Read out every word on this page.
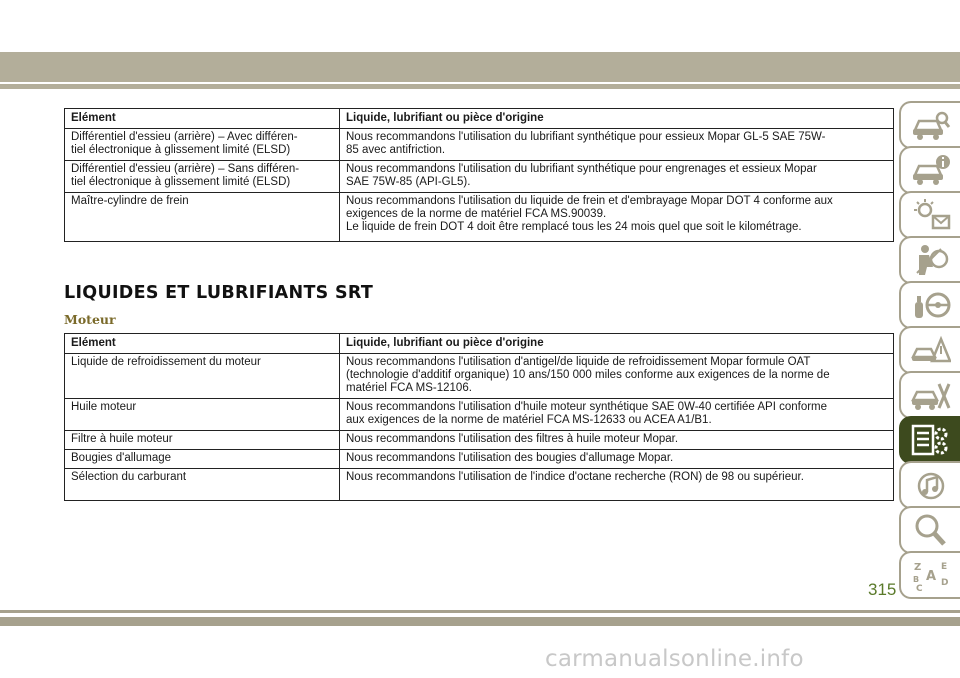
Elément	Liquide, lubrifiant ou pièce d'origine
Différentiel d'essieu (arrière) – Avec différen-
tiel électronique à glissement limité (ELSD)	Nous recommandons l'utilisation du lubrifiant synthétique pour essieux Mopar GL-5 SAE 75W-
85 avec antifriction.
Différentiel d'essieu (arrière) – Sans différen-
tiel électronique à glissement limité (ELSD)	Nous recommandons l'utilisation du lubrifiant synthétique pour engrenages et essieux Mopar
SAE 75W-85 (API-GL5).
Maître-cylindre de frein	Nous recommandons l'utilisation du liquide de frein et d'embrayage Mopar DOT 4 conforme aux
exigences de la norme de matériel FCA MS.90039.
Le liquide de frein DOT 4 doit être remplacé tous les 24 mois quel que soit le kilométrage.
LIQUIDES ET LUBRIFIANTS SRT
Moteur
Elément	Liquide, lubrifiant ou pièce d'origine
Liquide de refroidissement du moteur	Nous recommandons l'utilisation d'antigel/de liquide de refroidissement Mopar formule OAT
(technologie d'additif organique) 10 ans/150 000 miles conforme aux exigences de la norme de
matériel FCA MS-12106.
Huile moteur	Nous recommandons l'utilisation d'huile moteur synthétique SAE 0W-40 certifiée API conforme
aux exigences de la norme de matériel FCA MS-12633 ou ACEA A1/B1.
Filtre à huile moteur	Nous recommandons l'utilisation des filtres à huile moteur Mopar.
Bougies d'allumage	Nous recommandons l'utilisation des bougies d'allumage Mopar.
Sélection du carburant	Nous recommandons l'utilisation de l'indice d'octane recherche (RON) de 98 ou supérieur.
Z E
A
B
C
D
315
carmanualsonline.info
